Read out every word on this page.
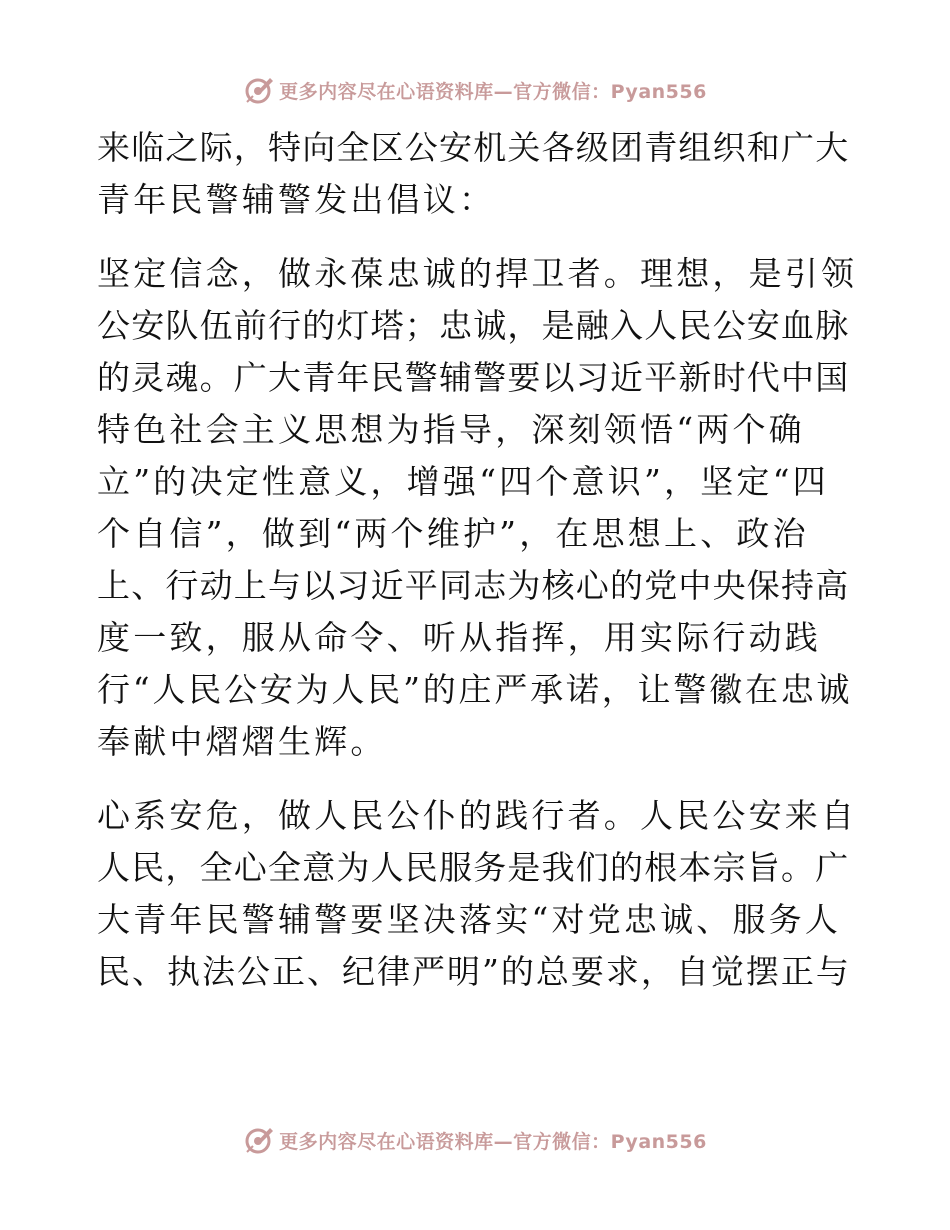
更多内容尽在心语资料库—官方微信：Pyan556
来临之际，特向全区公安机关各级团青组织和广大
青年民警辅警发出倡议：
坚定信念，做永葆忠诚的捍卫者。理想，是引领
公安队伍前行的灯塔；忠诚，是融入人民公安血脉
的灵魂。广大青年民警辅警要以习近平新时代中国
特色社会主义思想为指导，深刻领悟“两个确
立”的决定性意义，增强“四个意识”，坚定“四
个自信”，做到“两个维护”，在思想上、政治
上、行动上与以习近平同志为核心的党中央保持高
度一致，服从命令、听从指挥，用实际行动践
行“人民公安为人民”的庄严承诺，让警徽在忠诚
奉献中熠熠生辉。
心系安危，做人民公仆的践行者。人民公安来自
人民，全心全意为人民服务是我们的根本宗旨。广
大青年民警辅警要坚决落实“对党忠诚、服务人
民、执法公正、纪律严明”的总要求，自觉摆正与
更多内容尽在心语资料库—官方微信：Pyan556
